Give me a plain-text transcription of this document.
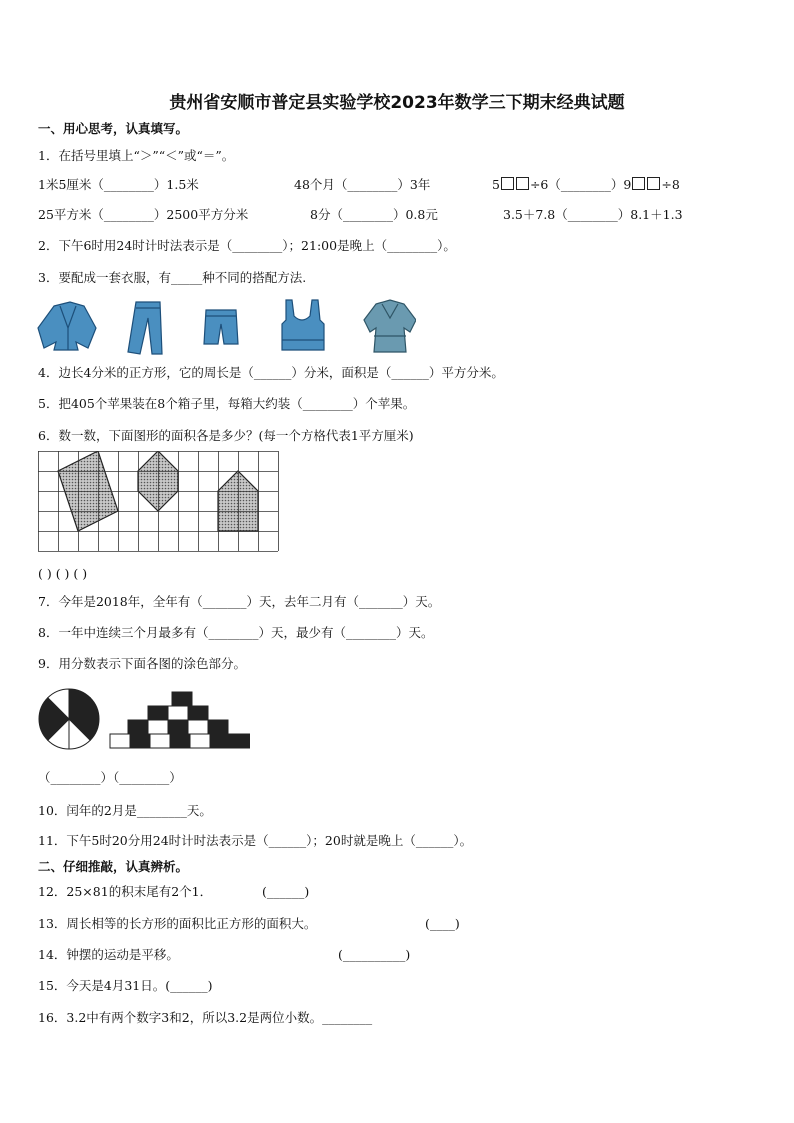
贵州省安顺市普定县实验学校2023年数学三下期末经典试题
一、用心思考，认真填写。
1．在括号里填上“＞”“＜”或“＝”。
1米5厘米（________）1.5米	48个月（________）3年	5 ÷6（________）9 ÷8
25平方米（________）2500平方分米	8分（________）0.8元	3.5＋7.8（________）8.1＋1.3
2．下午6时用24时计时法表示是（________）；21:00是晚上（________）。
3．要配成一套衣服，有_____种不同的搭配方法.
4．边长4分米的正方形，它的周长是（______）分米，面积是（______）平方分米。
5．把405个苹果装在8个箱子里，每箱大约装（________）个苹果。
6．数一数，下面图形的面积各是多少？(每一个方格代表1平方厘米)
( ) ( ) ( )
7．今年是2018年，全年有（_______）天，去年二月有（_______）天。
8．一年中连续三个月最多有（________）天，最少有（________）天。
9．用分数表示下面各图的涂色部分。
（________）（________）
10．闰年的2月是________天。
11．下午5时20分用24时计时法表示是（______）；20时就是晚上（______）。
二、仔细推敲，认真辨析。
12．25×81的积末尾有2个1．	(______)
13．周长相等的长方形的面积比正方形的面积大。	(____)
14．钟摆的运动是平移。	(__________)
15．今天是4月31日。(______)
16．3.2中有两个数字3和2，所以3.2是两位小数。________
